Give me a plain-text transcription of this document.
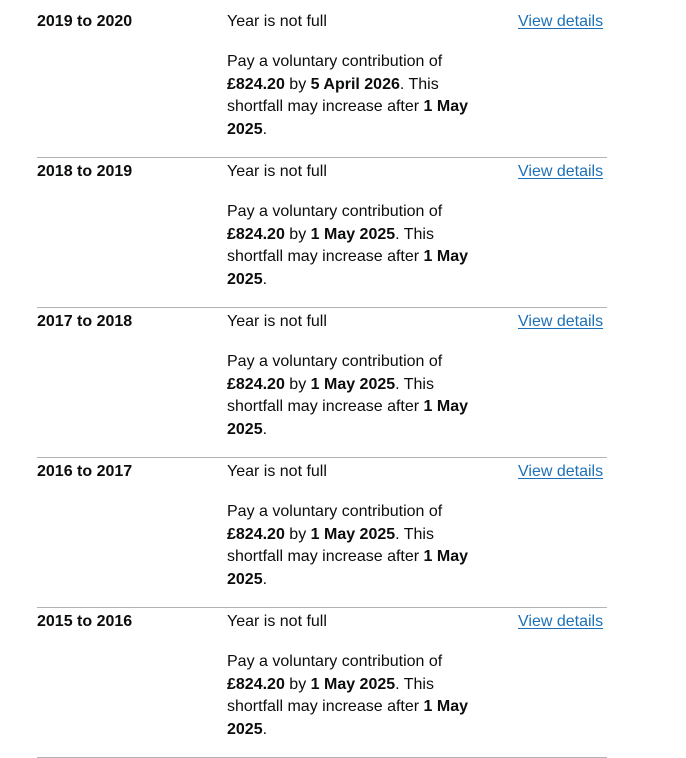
2019 to 2020	Year is not full	View details
Pay a voluntary contribution of £824.20 by 5 April 2026. This shortfall may increase after 1 May 2025.
2018 to 2019	Year is not full	View details
Pay a voluntary contribution of £824.20 by 1 May 2025. This shortfall may increase after 1 May 2025.
2017 to 2018	Year is not full	View details
Pay a voluntary contribution of £824.20 by 1 May 2025. This shortfall may increase after 1 May 2025.
2016 to 2017	Year is not full	View details
Pay a voluntary contribution of £824.20 by 1 May 2025. This shortfall may increase after 1 May 2025.
2015 to 2016	Year is not full	View details
Pay a voluntary contribution of £824.20 by 1 May 2025. This shortfall may increase after 1 May 2025.
